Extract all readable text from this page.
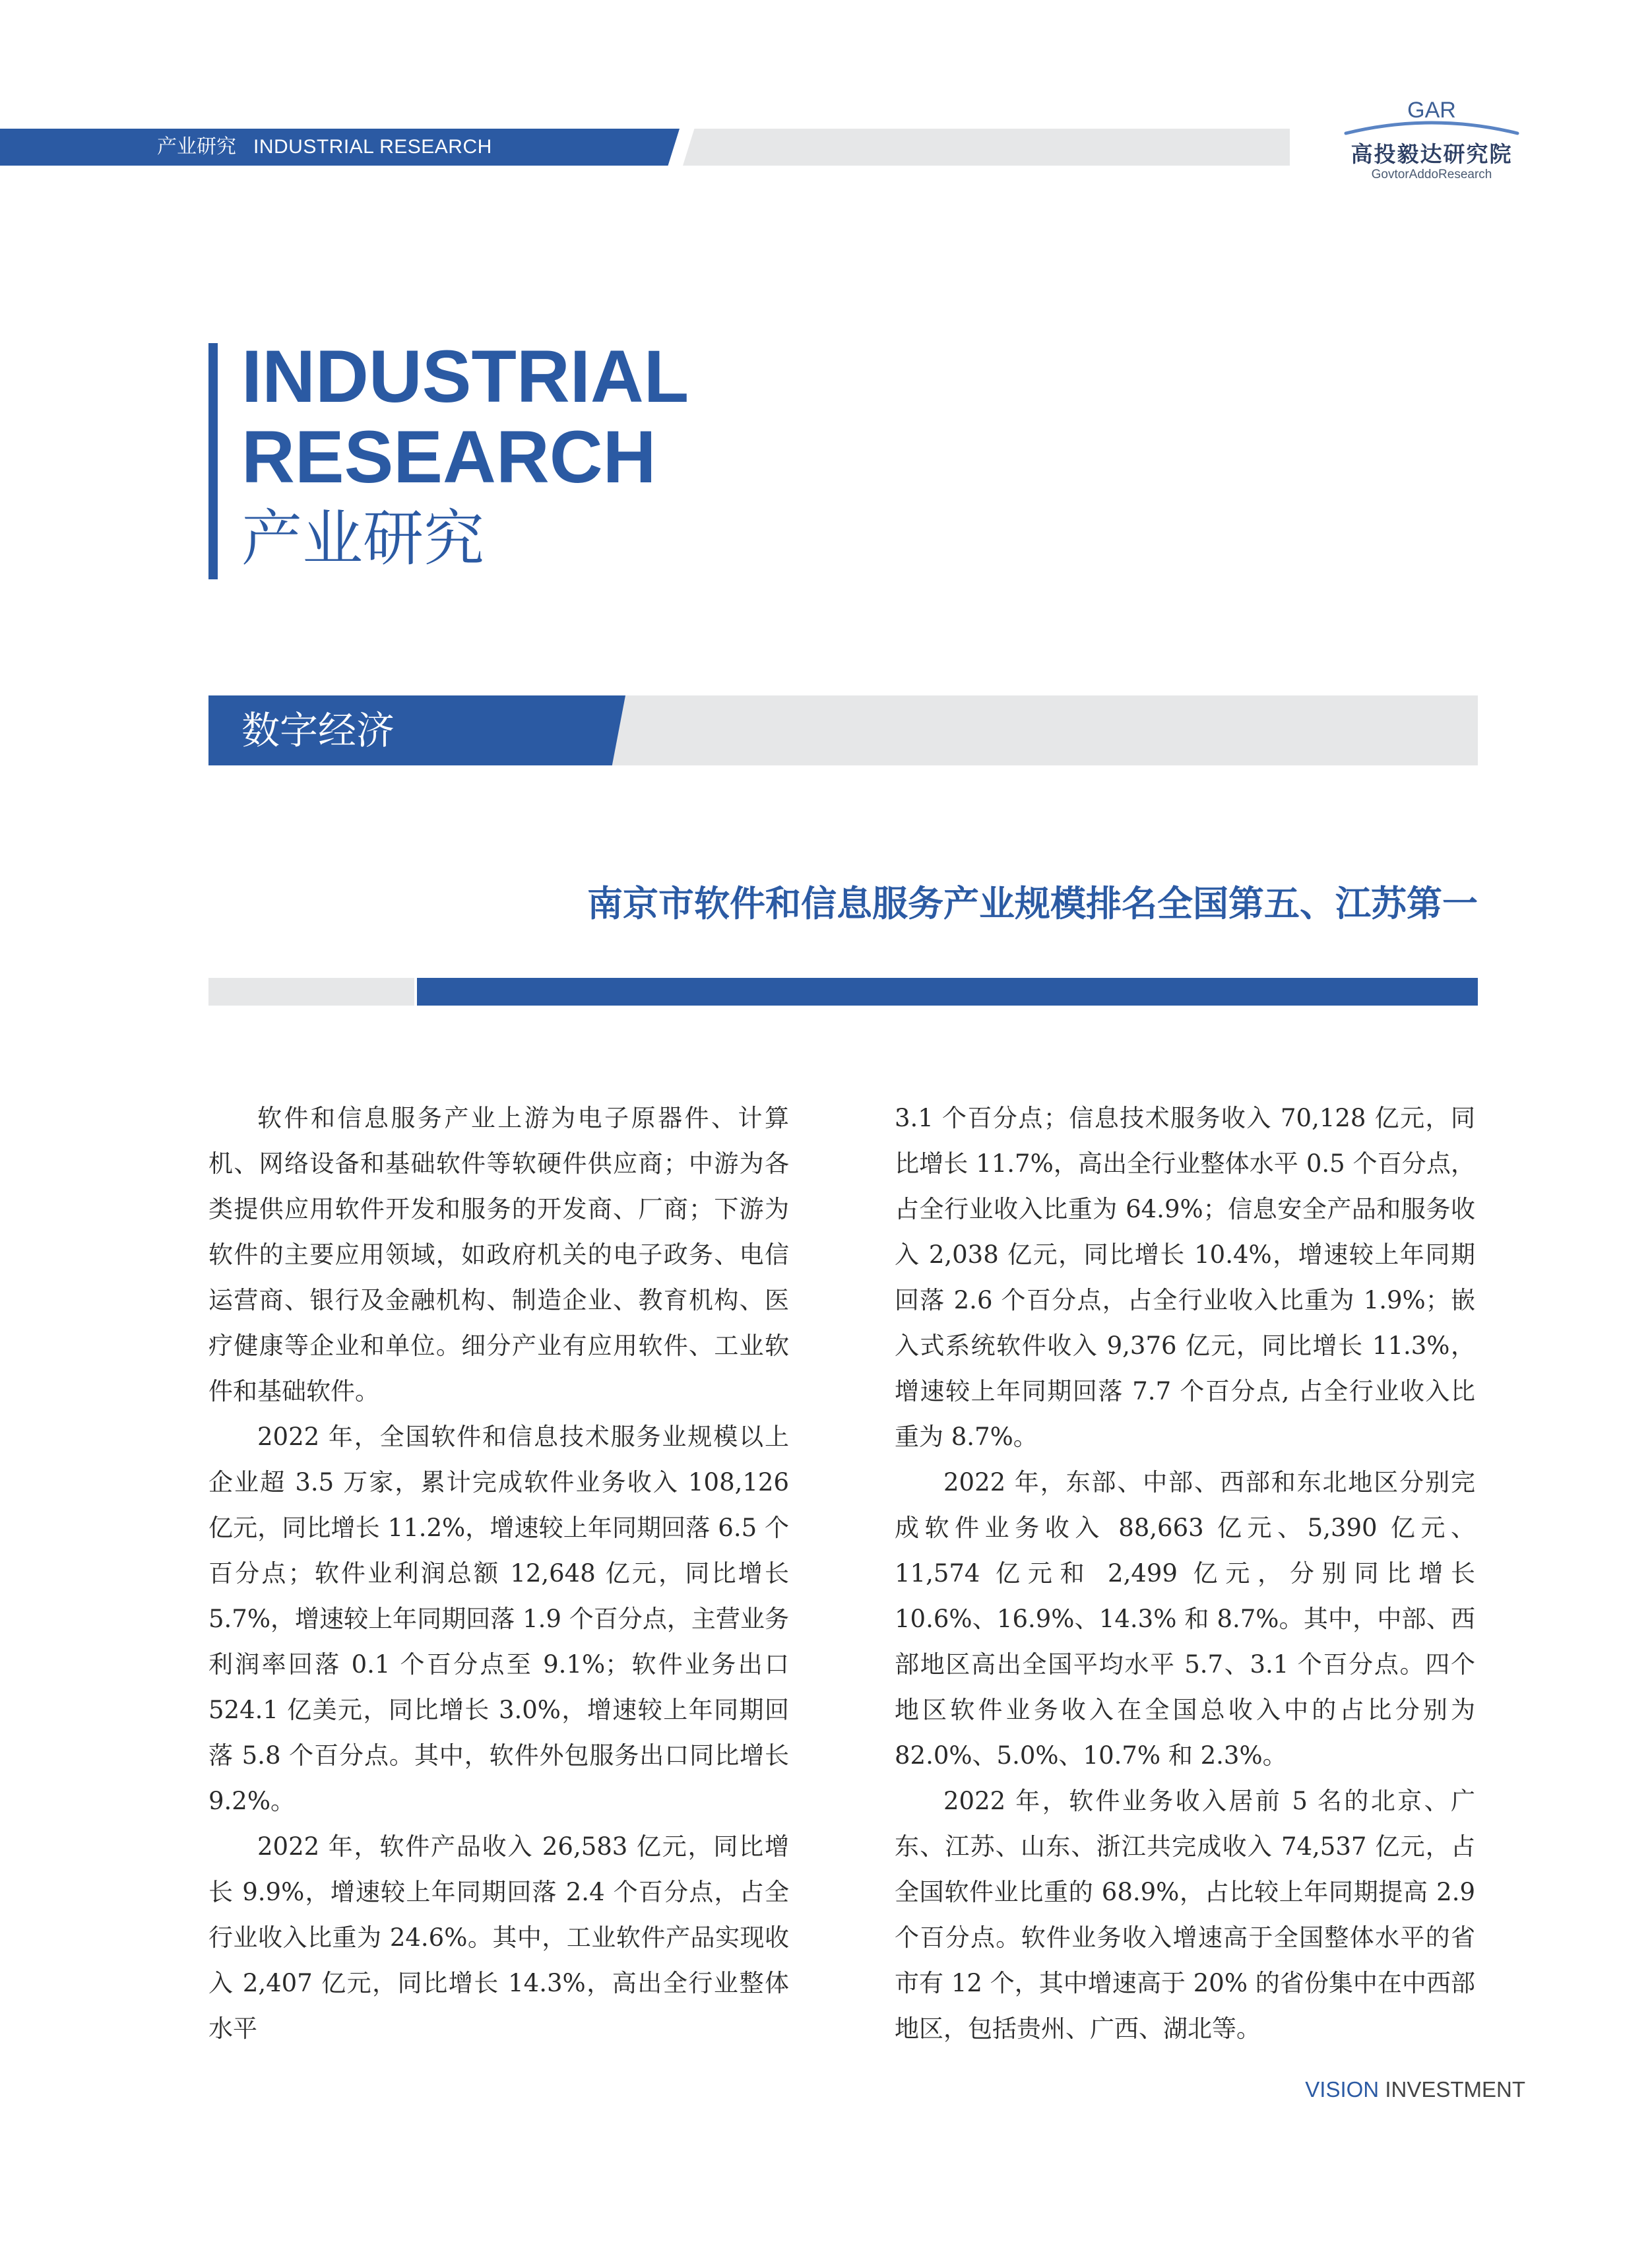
产业研究 INDUSTRIAL RESEARCH
GAR
高投毅达研究院
GovtorAddoResearch
INDUSTRIAL
RESEARCH
产业研究
数字经济
南京市软件和信息服务产业规模排名全国第五、江苏第一

软件和信息服务产业上游为电子原器件、计算机、网络设备和基础软件等软硬件供应商；中游为各类提供应用软件开发和服务的开发商、厂商；下游为软件的主要应用领域，如政府机关的电子政务、电信运营商、银行及金融机构、制造企业、教育机构、医疗健康等企业和单位。细分产业有应用软件、工业软件和基础软件。

2022 年，全国软件和信息技术服务业规模以上企业超 3.5 万家，累计完成软件业务收入 108,126 亿元，同比增长 11.2%，增速较上年同期回落 6.5 个百分点；软件业利润总额 12,648 亿元，同比增长 5.7%，增速较上年同期回落 1.9 个百分点，主营业务利润率回落 0.1 个百分点至 9.1%；软件业务出口 524.1 亿美元，同比增长 3.0%，增速较上年同期回落 5.8 个百分点。其中，软件外包服务出口同比增长 9.2%。

2022 年，软件产品收入 26,583 亿元，同比增长 9.9%，增速较上年同期回落 2.4 个百分点，占全行业收入比重为 24.6%。其中，工业软件产品实现收入 2,407 亿元，同比增长 14.3%，高出全行业整体水平

3.1 个百分点；信息技术服务收入 70,128 亿元，同比增长 11.7%，高出全行业整体水平 0.5 个百分点，占全行业收入比重为 64.9%；信息安全产品和服务收入 2,038 亿元，同比增长 10.4%，增速较上年同期回落 2.6 个百分点，占全行业收入比重为 1.9%；嵌入式系统软件收入 9,376 亿元，同比增长 11.3%，增速较上年同期回落 7.7 个百分点, 占全行业收入比重为 8.7%。

2022 年，东部、中部、西部和东北地区分别完成软件业务收入 88,663 亿元、5,390 亿元、11,574 亿元和 2,499 亿元，分别同比增长 10.6%、16.9%、14.3% 和 8.7%。其中，中部、西部地区高出全国平均水平 5.7、3.1 个百分点。四个地区软件业务收入在全国总收入中的占比分别为 82.0%、5.0%、10.7% 和 2.3%。

2022 年，软件业务收入居前 5 名的北京、广东、江苏、山东、浙江共完成收入 74,537 亿元，占全国软件业比重的 68.9%，占比较上年同期提高 2.9 个百分点。软件业务收入增速高于全国整体水平的省市有 12 个，其中增速高于 20% 的省份集中在中西部地区，包括贵州、广西、湖北等。

VISION INVESTMENT
